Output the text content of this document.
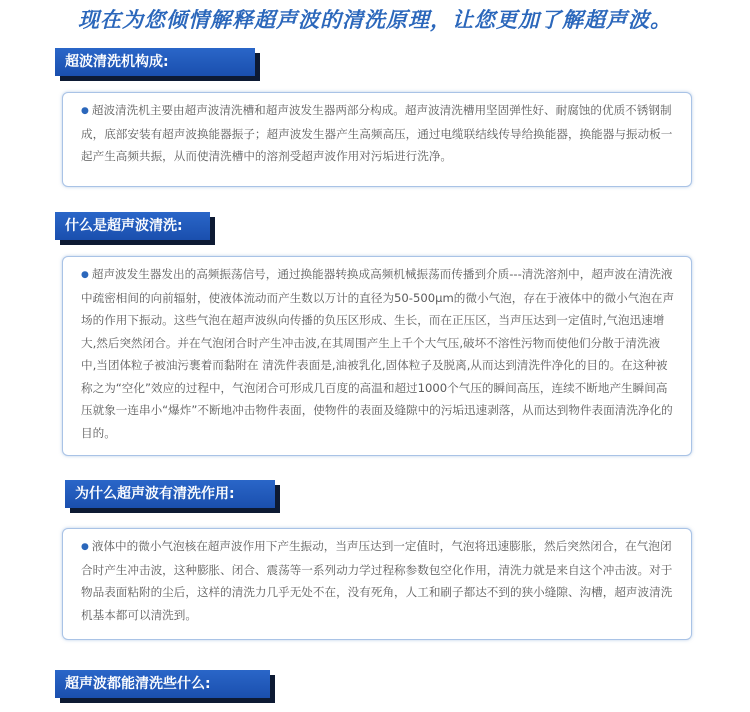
现在为您倾情解释超声波的清洗原理，让您更加了解超声波。
超波清洗机构成:

● 超波清洗机主要由超声波清洗槽和超声波发生器两部分构成。超声波清洗槽用坚固弹性好、耐腐蚀的优质不锈钢制成，底部安装有超声波换能器振子；超声波发生器产生高频高压，通过电缆联结线传导给换能器，换能器与振动板一起产生高频共振，从而使清洗槽中的溶剂受超声波作用对污垢进行洗净。

什么是超声波清洗:

● 超声波发生器发出的高频振荡信号，通过换能器转换成高频机械振荡而传播到介质---清洗溶剂中，超声波在清洗液中疏密相间的向前辐射，使液体流动而产生数以万计的直径为50-500μm的微小气泡，存在于液体中的微小气泡在声场的作用下振动。这些气泡在超声波纵向传播的负压区形成、生长，而在正压区，当声压达到一定值时,气泡迅速增大,然后突然闭合。并在气泡闭合时产生冲击波,在其周围产生上千个大气压,破坏不溶性污物而使他们分散于清洗液中,当团体粒子被油污裹着而黏附在 清洗件表面是,油被乳化,固体粒子及脱离,从而达到清洗件净化的目的。在这种被称之为“空化”效应的过程中，气泡闭合可形成几百度的高温和超过1000个气压的瞬间高压，连续不断地产生瞬间高压就象一连串小“爆炸”不断地冲击物件表面，使物件的表面及缝隙中的污垢迅速剥落，从而达到物件表面清洗净化的目的。

为什么超声波有清洗作用:

● 液体中的微小气泡核在超声波作用下产生振动，当声压达到一定值时，气泡将迅速膨胀，然后突然闭合，在气泡闭合时产生冲击波，这种膨胀、闭合、震荡等一系列动力学过程称参数包空化作用，清洗力就是来自这个冲击波。对于物品表面粘附的尘后，这样的清洗力几乎无处不在，没有死角，人工和刷子都达不到的狭小缝隙、沟槽，超声波清洗机基本都可以清洗到。

超声波都能清洗些什么:
